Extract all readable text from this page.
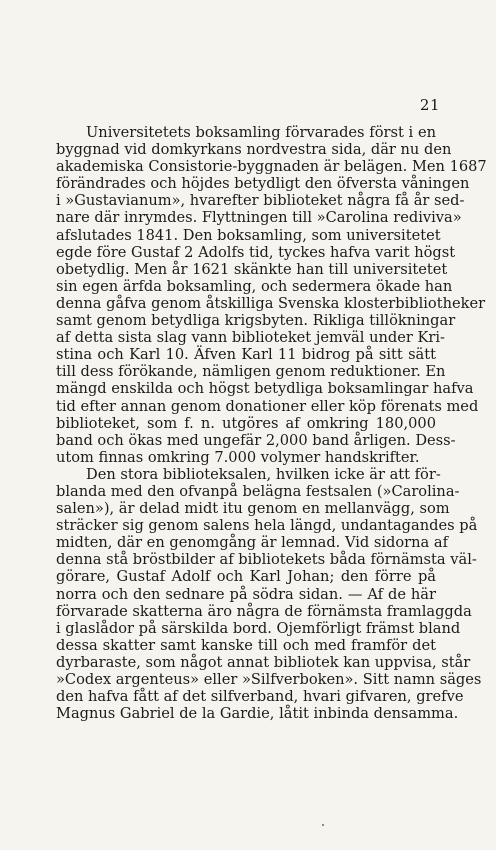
21
Universitetets boksamling förvarades först i en
byggnad vid domkyrkans nordvestra sida, där nu den
akademiska Consistorie-byggnaden är belägen. Men 1687
förändrades och höjdes betydligt den öfversta våningen
i »Gustavianum», hvarefter biblioteket några få år sed-
nare där inrymdes. Flyttningen till »Carolina rediviva»
afslutades 1841. Den boksamling, som universitetet
egde före Gustaf 2 Adolfs tid, tyckes hafva varit högst
obetydlig. Men år 1621 skänkte han till universitetet
sin egen ärfda boksamling, och sedermera ökade han
denna gåfva genom åtskilliga Svenska klosterbibliotheker
samt genom betydliga krigsbyten. Rikliga tillökningar
af detta sista slag vann biblioteket jemväl under Kri-
stina och Karl 10. Äfven Karl 11 bidrog på sitt sätt
till dess förökande, nämligen genom reduktioner. En
mängd enskilda och högst betydliga boksamlingar hafva
tid efter annan genom donationer eller köp förenats med
biblioteket, som f. n. utgöres af omkring 180,000
band och ökas med ungefär 2,000 band årligen. Dess-
utom finnas omkring 7.000 volymer handskrifter.
Den stora biblioteksalen, hvilken icke är att för-
blanda med den ofvanpå belägna festsalen (»Carolina-
salen»), är delad midt itu genom en mellanvägg, som
sträcker sig genom salens hela längd, undantagandes på
midten, där en genomgång är lemnad. Vid sidorna af
denna stå bröstbilder af bibliotekets båda förnämsta väl-
görare, Gustaf Adolf och Karl Johan; den förre på
norra och den sednare på södra sidan. — Af de här
förvarade skatterna äro några de förnämsta framlaggda
i glaslådor på särskilda bord. Ojemförligt främst bland
dessa skatter samt kanske till och med framför det
dyrbaraste, som något annat bibliotek kan uppvisa, står
»Codex argenteus» eller »Silfverboken». Sitt namn säges
den hafva fått af det silfverband, hvari gifvaren, grefve
Magnus Gabriel de la Gardie, låtit inbinda densamma.
